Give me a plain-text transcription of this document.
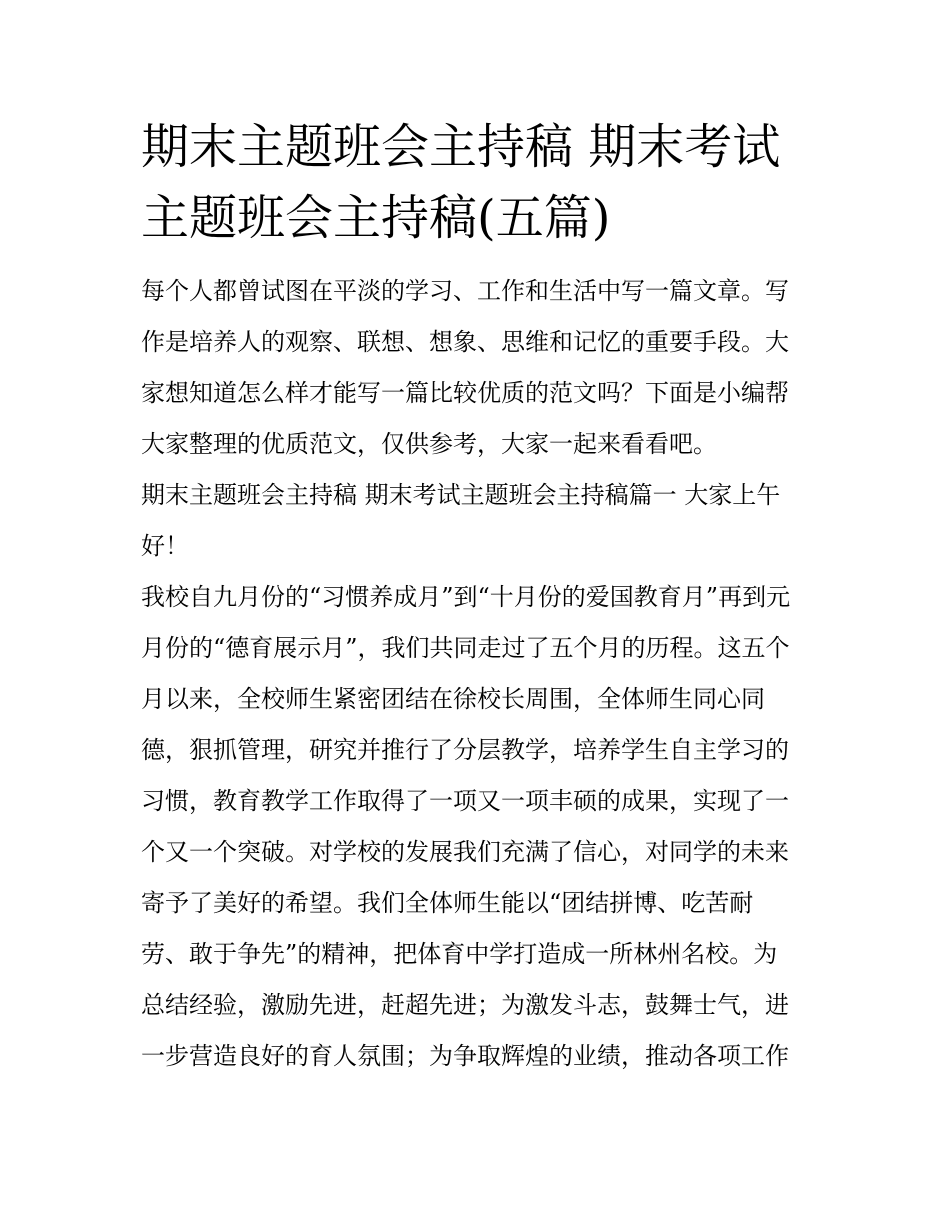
期末主题班会主持稿 期末考试
主题班会主持稿(五篇)

每个人都曾试图在平淡的学习、工作和生活中写一篇文章。写
作是培养人的观察、联想、想象、思维和记忆的重要手段。大
家想知道怎么样才能写一篇比较优质的范文吗？下面是小编帮
大家整理的优质范文，仅供参考，大家一起来看看吧。

期末主题班会主持稿 期末考试主题班会主持稿篇一 大家上午
好！

我校自九月份的“习惯养成月”到“十月份的爱国教育月”再到元
月份的“德育展示月”，我们共同走过了五个月的历程。这五个
月以来，全校师生紧密团结在徐校长周围，全体师生同心同
德，狠抓管理，研究并推行了分层教学，培养学生自主学习的
习惯，教育教学工作取得了一项又一项丰硕的成果，实现了一
个又一个突破。对学校的发展我们充满了信心，对同学的未来
寄予了美好的希望。我们全体师生能以“团结拼博、吃苦耐
劳、敢于争先”的精神，把体育中学打造成一所林州名校。为
总结经验，激励先进，赶超先进；为激发斗志，鼓舞士气，进
一步营造良好的育人氛围；为争取辉煌的业绩，推动各项工作
